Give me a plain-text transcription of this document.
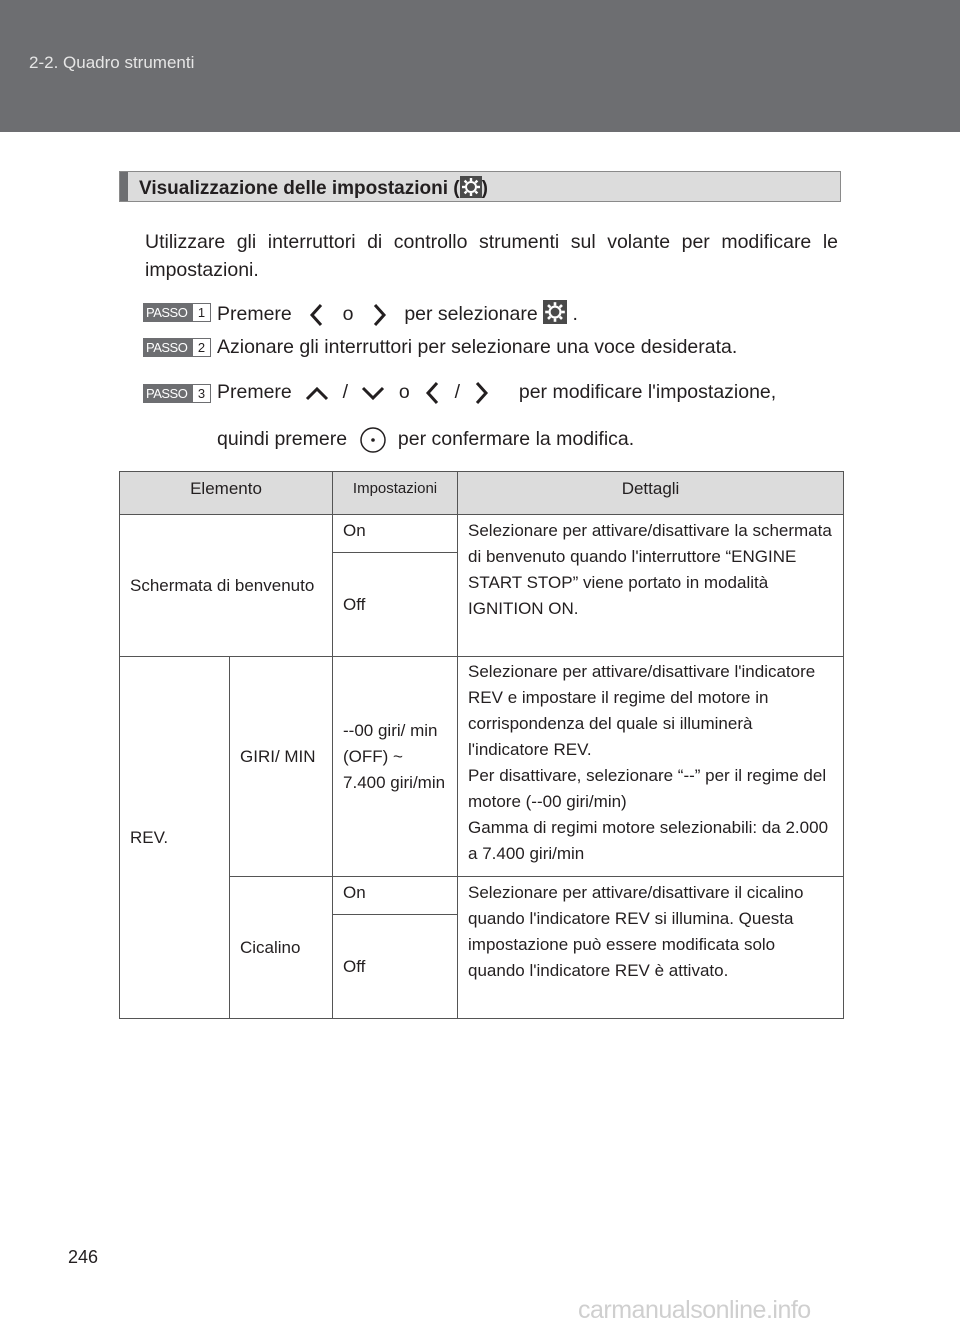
2-2. Quadro strumenti
Visualizzazione delle impostazioni ( )
Utilizzare gli interruttori di controllo strumenti sul volante per modificare le impostazioni.
PASSO 1 Premere	o	per selezionare .
PASSO 2 Azionare gli interruttori per selezionare una voce desiderata.
PASSO 3 Premere	/	o /	per modificare l'impostazione,
quindi premere	per confermare la modifica.
Elemento		Impostazioni	Dettagli
Schermata di benvenuto		On	Selezionare per attivare/disattivare la schermata di benvenuto quando l'interruttore “ENGINE START STOP” viene portato in modalità IGNITION ON.
		Off	
REV.	GIRI/ MIN	--00 giri/ min (OFF) ~ 7.400 giri/min	Selezionare per attivare/disattivare l'indicatore REV e impostare il regime del motore in corrispondenza del quale si illuminerà l'indicatore REV.
Per disattivare, selezionare “--” per il regime del motore (--00 giri/min)
Gamma di regimi motore selezionabili: da 2.000 a 7.400 giri/min

	Cicalino	On	Selezionare per attivare/disattivare il cicalino quando l'indicatore REV si illumina. Questa impostazione può essere modificata solo quando l'indicatore REV è attivato.
		Off	
246
carmanualsonline.info
